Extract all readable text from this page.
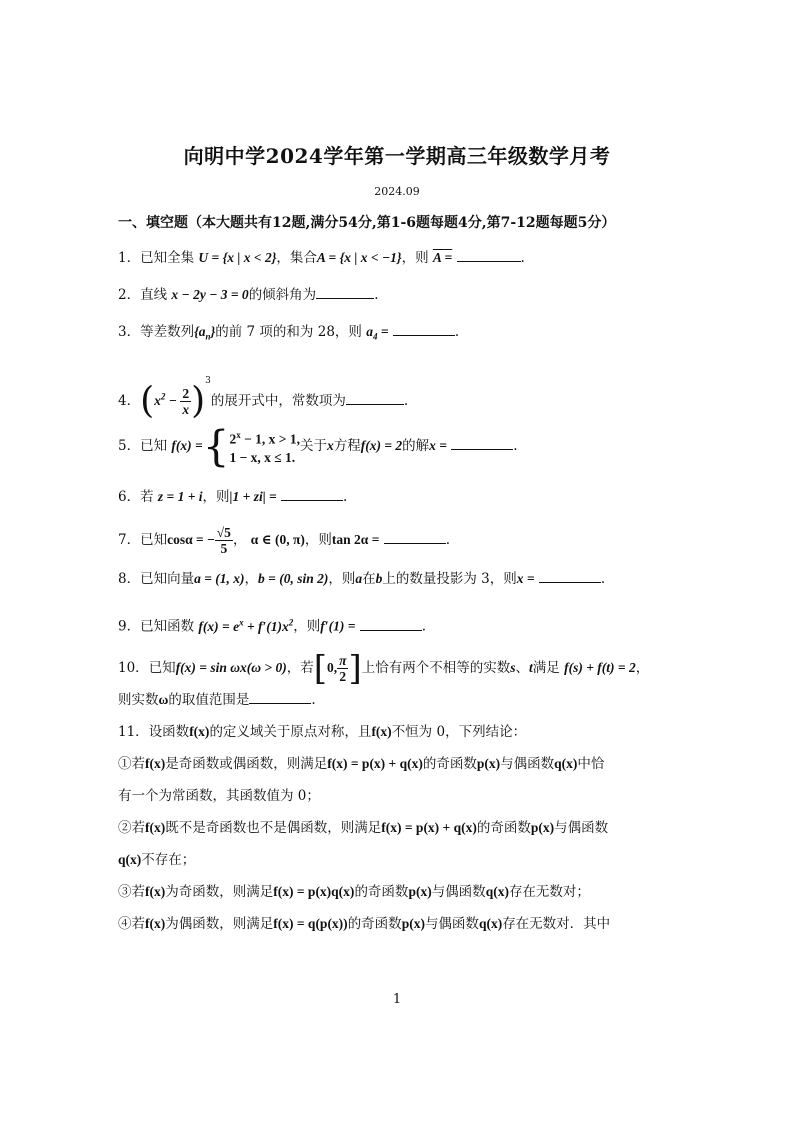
向明中学2024学年第一学期高三年级数学月考
2024.09
一、填空题（本大题共有12题,满分54分,第1-6题每题4分,第7-12题每题5分）
1．已知全集 U = {x | x < 2}，集合A = {x | x < −1}，则 A =	.
2．直线 x − 2y − 3 = 0的倾斜角为	.
3．等差数列$\{a_n\}$的前 7 项的和为 28，则 $a_4$ =	.
4．$(x^2 - \frac{2}{x} )^3$的展开式中，常数项为	.
5．已知 f(x) ={ $2^x - 1$, x > 1,
1 − x, x ≤ 1.
关于x方程f(x) = 2的解x =	.
6．若 z = 1 + i，则|1 + zi| =	.
7．已知cosα = − $\frac{√5}{5}$ ， α ∈ (0, π)，则tan 2α =	.
8．已知向量a = (1, x)，b = (0, sin 2)，则a在b上的数量投影为 3，则x =	.
9．已知函数 $f(x) = e^x + f'(1)x^2$，则f′(1) =	.
10．已知f(x) = sin ωx(ω > 0)，若[0, $\frac{\pi}{2}$ ]上恰有两个不相等的实数s、t满足 f(s) + f(t) = 2，
则实数ω的取值范围是	.
11．设函数f(x)的定义域关于原点对称，且f(x)不恒为 0，下列结论：
①若f(x)是奇函数或偶函数，则满足f(x) = p(x) + q(x)的奇函数p(x)与偶函数q(x)中恰
有一个为常函数，其函数值为 0；
②若f(x)既不是奇函数也不是偶函数，则满足f(x) = p(x) + q(x)的奇函数p(x)与偶函数
q(x)不存在；
③若f(x)为奇函数，则满足f(x) = p(x)q(x)的奇函数p(x)与偶函数q(x)存在无数对；
④若f(x)为偶函数，则满足f(x) = q(p(x))的奇函数p(x)与偶函数q(x)存在无数对．其中
1
